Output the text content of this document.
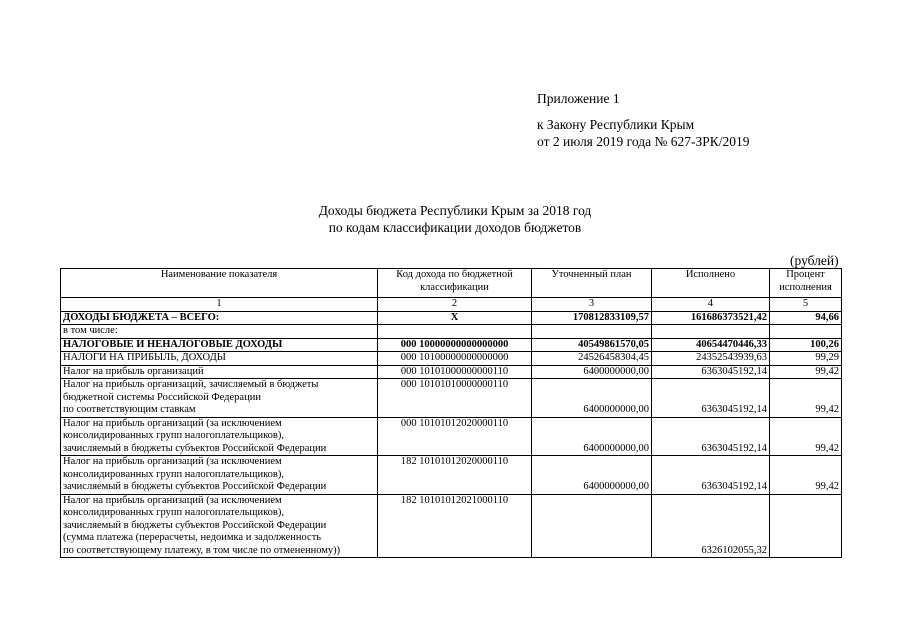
Приложение 1
к Закону Республики Крым
от 2 июля 2019 года № 627-ЗРК/2019
Доходы бюджета Республики Крым за 2018 год
по кодам классификации доходов бюджетов
(рублей)
Наименование показателя	Код дохода по бюджетной классификации	Уточненный план	Исполнено	Процент исполнения
1	2	3	4	5

ДОХОДЫ БЮДЖЕТА – ВСЕГО:	X	170812833109,57	161686373521,42	94,66

в том числе:				

НАЛОГОВЫЕ И НЕНАЛОГОВЫЕ ДОХОДЫ	000 10000000000000000	40549861570,05	40654470446,33	100,26

НАЛОГИ НА ПРИБЫЛЬ, ДОХОДЫ	000 10100000000000000	24526458304,45	24352543939,63	99,29

Налог на прибыль организаций	000 10101000000000110	6400000000,00	6363045192,14	99,42

Налог на прибыль организаций, зачисляемый в бюджеты
бюджетной системы Российской Федерации
по соответствующим ставкам	000 10101010000000110	6400000000,00	6363045192,14	99,42

Налог на прибыль организаций (за исключением
консолидированных групп налогоплательщиков),
зачисляемый в бюджеты субъектов Российской Федерации	000 10101012020000110	6400000000,00	6363045192,14	99,42

Налог на прибыль организаций (за исключением
консолидированных групп налогоплательщиков),
зачисляемый в бюджеты субъектов Российской Федерации	182 10101012020000110	6400000000,00	6363045192,14	99,42

Налог на прибыль организаций (за исключением
консолидированных групп налогоплательщиков),
зачисляемый в бюджеты субъектов Российской Федерации
(сумма платежа (перерасчеты, недоимка и задолженность
по соответствующему платежу, в том числе по отмененному))	182 10101012021000110		6326102055,32	
